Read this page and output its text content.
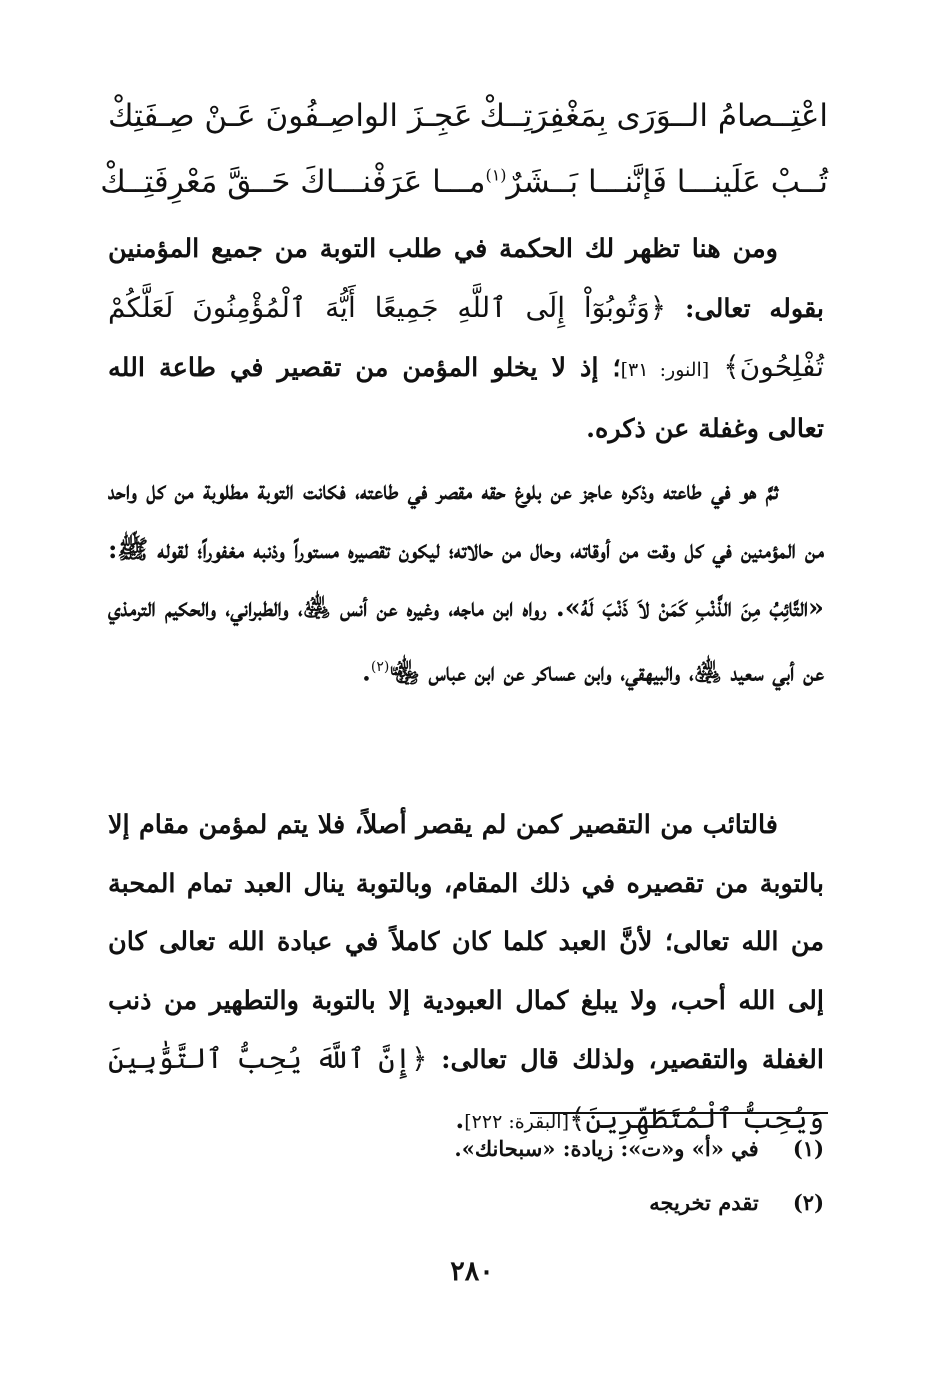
اعْتِــصامُ الــوَرَى بِمَغْفِرَتِــكْ
عَجِـزَ الواصِـفُونَ عَـنْ صِـفَتِكْ
تُــبْ عَلَينـــا فَإنَّنـــا بَــشَرٌ$^{(١)}$
مـــا عَرَفْنـــاكَ حَــقَّ مَعْرِفَتِــكْ

ومن هنا تظهر لك الحكمة في طلب التوبة من جميع المؤمنين بقوله تعالى: ﴿وَتُوبُوٓاْ إِلَى ٱللَّهِ جَمِيعًا أَيُّهَ ٱلْمُؤْمِنُونَ لَعَلَّكُمْ تُفْلِحُونَ﴾ [النور: ٣١]؛ إذ لا يخلو المؤمن من تقصير في طاعة الله تعالى وغفلة عن ذكره.

ثمَّ هو في طاعته وذكره عاجز عن بلوغ حقه مقصر في طاعته، فكانت التوبة مطلوبة من كل واحد من المؤمنين في كل وقت من أوقاته، وحال من حالاته؛ ليكون تقصيره مستوراً وذنبه مغفوراً؛ لقوله ﷺ: «التَّائِبُ مِنَ الذَّنْبِ كَمَنْ لاَ ذَنْبَ لَهُ». رواه ابن ماجه، وغيره عن أنس ﵁، والطبراني، والحكيم الترمذي عن أبي سعيد ﵁، والبيهقي، وابن عساكر عن ابن عباس ﵄$^{(٢)}$.

فالتائب من التقصير كمن لم يقصر أصلاً، فلا يتم لمؤمن مقام إلا بالتوبة من تقصيره في ذلك المقام، وبالتوبة ينال العبد تمام المحبة من الله تعالى؛ لأنَّ العبد كلما كان كاملاً في عبادة الله تعالى كان إلى الله أحب، ولا يبلغ كمال العبودية إلا بالتوبة والتطهير من ذنب الغفلة والتقصير، ولذلك قال تعالى: ﴿إِنَّ ٱللَّهَ يُحِبُّ ٱلتَّوَّٰبِينَ وَيُحِبُّ ٱلْمُتَطَهِّرِينَ﴾[البقرة: ٢٢٢].

(١) في «أ» و«ت»: زيادة: «سبحانك».
(٢) تقدم تخريجه
٢٨٠
